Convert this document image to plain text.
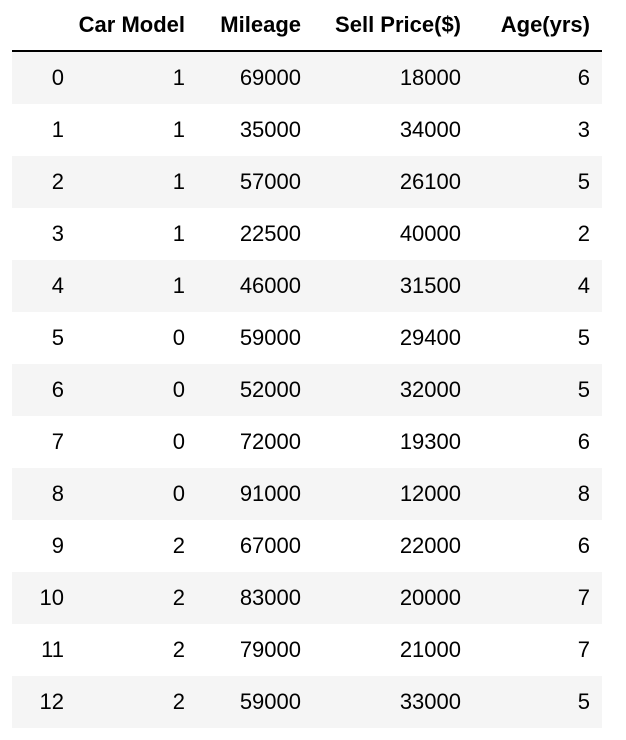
	Car Model	Mileage	Sell Price($)	Age(yrs)
0	1	69000	18000	6
1	1	35000	34000	3
2	1	57000	26100	5
3	1	22500	40000	2
4	1	46000	31500	4
5	0	59000	29400	5
6	0	52000	32000	5
7	0	72000	19300	6
8	0	91000	12000	8
9	2	67000	22000	6
10	2	83000	20000	7
11	2	79000	21000	7
12	2	59000	33000	5
